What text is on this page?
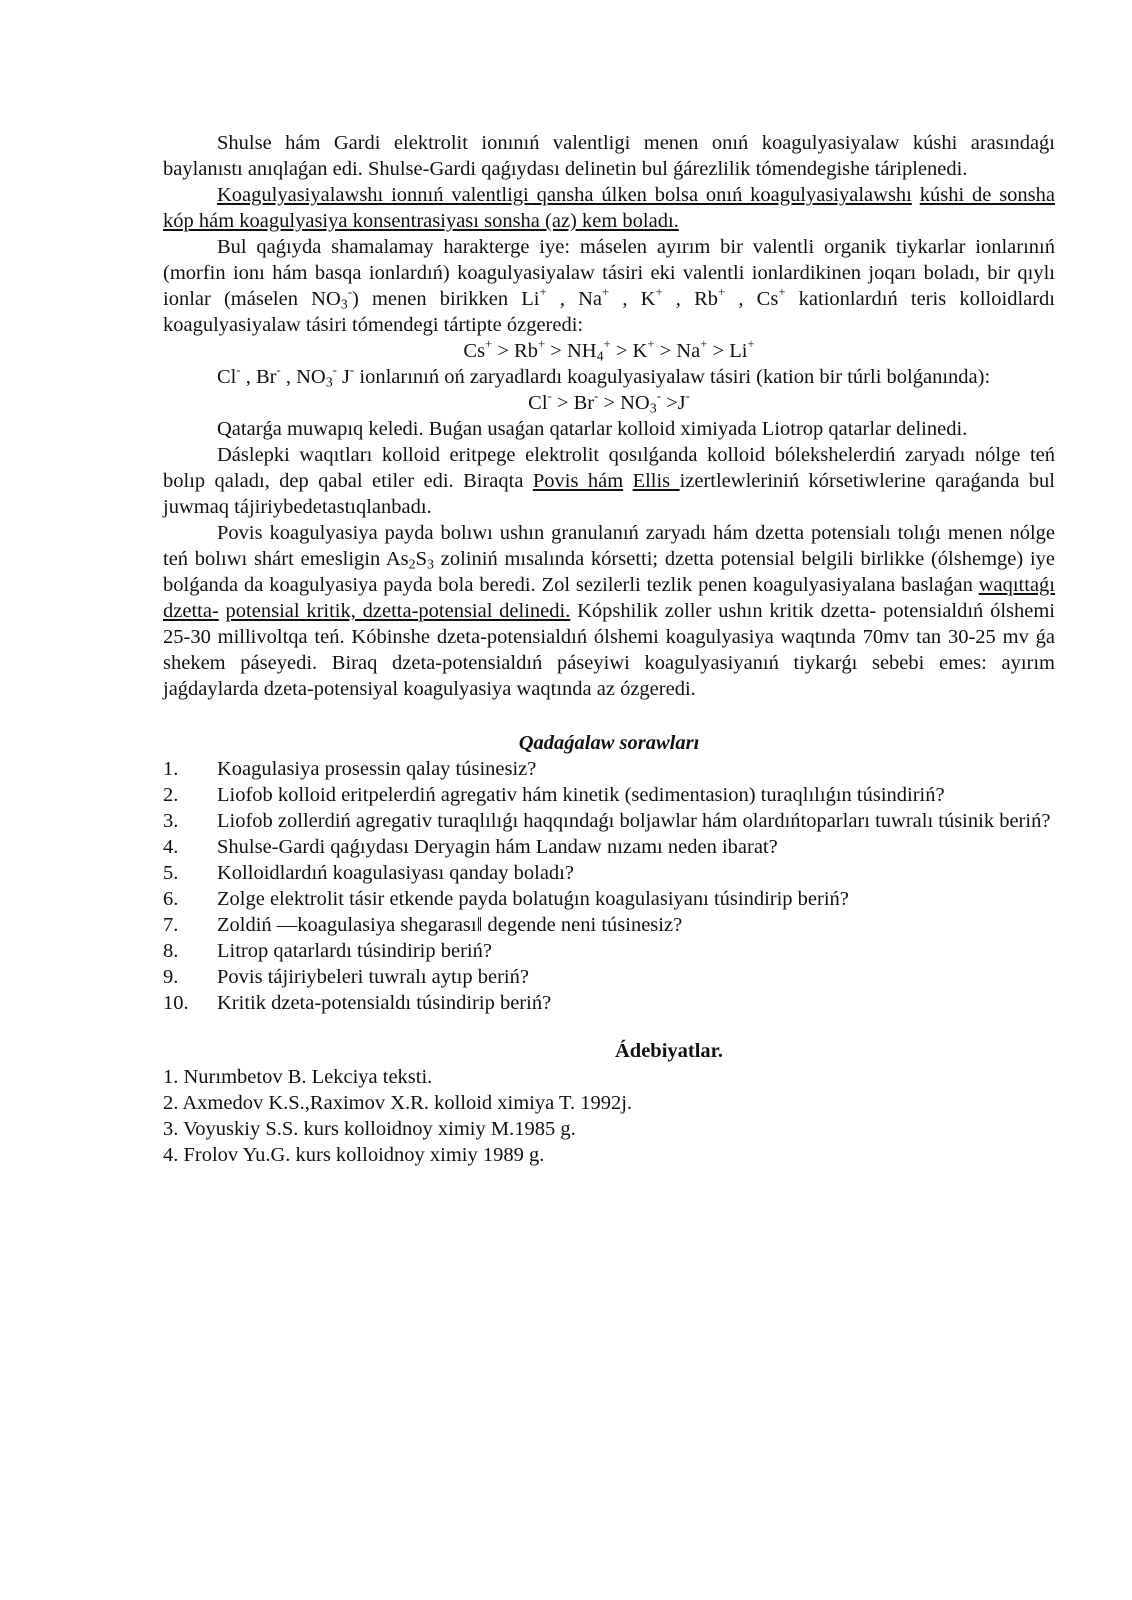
Shulse hám Gardi elektrolit ionınıń valentligi menen onıń koagulyasiyalaw kúshi arasındaǵı baylanıstı anıqlaǵan edi. Shulse-Gardi qaǵıydası delinetin bul ǵárezlilik tómendegishe táriplenedi.

Koagulyasiyalawshı ionnıń valentligi qansha úlken bolsa onıń koagulyasiyalawshı kúshi de sonsha kóp hám koagulyasiya konsentrasiyası sonsha (az) kem boladı.

Bul qaǵıyda shamalamay harakterge iye: máselen ayırım bir valentli organik tiykarlar ionlarınıń (morfin ionı hám basqa ionlardıń) koagulyasiyalaw tásiri eki valentli ionlardikinen joqarı boladı, bir qıylı ionlar (máselen $NO_3^-$) menen birikken Li+ , Na+ , K+ , Rb+ , Cs+ kationlardıń teris kolloidlardı koagulyasiyalaw tásiri tómendegi tártipte ózgeredi:

$Cs^+ > Rb^+ > NH_4^+ > K^+ > Na^+ > Li^+$

Cl- , Br- , $NO_3^-$ J- ionlarınıń oń zaryadlardı koagulyasiyalaw tásiri (kation bir túrli bolǵanında):

$Cl^- > Br^- > NO_3^- >J^-$

Qatarǵa muwapıq keledi. Buǵan usaǵan qatarlar kolloid ximiyada Liotrop qatarlar delinedi.

Dáslepki waqıtları kolloid eritpege elektrolit qosılǵanda kolloid bólekshelerdiń zaryadı nólge teń bolıp qaladı, dep qabal etiler edi. Biraqta Povis hám Ellis izertlewleriniń kórsetiwlerine qaraǵanda bul juwmaq tájiriybedetastıqlanbadı.

Povis koagulyasiya payda bolıwı ushın granulanıń zaryadı hám dzetta potensialı tolıǵı menen nólge teń bolıwı shárt emesligin $As_2S_3$ zoliniń mısalında kórsetti; dzetta potensial belgili birlikke (ólshemge) iye bolǵanda da koagulyasiya payda bola beredi. Zol sezilerli tezlik penen koagulyasiyalana baslaǵan waqıttaǵı dzetta- potensial kritik, dzetta-potensial delinedi. Kópshilik zoller ushın kritik dzetta- potensialdıń ólshemi 25-30 millivoltqa teń. Kóbinshe dzeta-potensialdıń ólshemi koagulyasiya waqtında 70mv tan 30-25 mv ǵa shekem páseyedi. Biraq dzeta-potensialdıń páseyiwi koagulyasiyanıń tiykarǵı sebebi emes: ayırım jaǵdaylarda dzeta-potensiyal koagulyasiya waqtında az ózgeredi.

Qadaǵalaw sorawları

1. Koagulasiya prosessin qalay túsinesiz?
2. Liofob kolloid eritpelerdiń agregativ hám kinetik (sedimentasion) turaqlılıǵın túsindiriń?
3. Liofob zollerdiń agregativ turaqlılıǵı haqqındaǵı boljawlar hám olardıńtoparları tuwralı túsinik beriń?
4. Shulse-Gardi qaǵıydası Deryagin hám Landaw nızamı neden ibarat?
5. Kolloidlardıń koagulasiyası qanday boladı?
6. Zolge elektrolit tásir etkende payda bolatuǵın koagulasiyanı túsindirip beriń?
7. Zoldiń ―koagulasiya shegarası‖ degende neni túsinesiz?
8. Litrop qatarlardı túsindirip beriń?
9. Povis tájiriybeleri tuwralı aytıp beriń?
10. Kritik dzeta-potensialdı túsindirip beriń?

Ádebiyatlar.

1. Nurımbetov B. Lekciya teksti.
2. Axmedov K.S.,Raximov X.R. kolloid ximiya T. 1992j.
3. Voyuskiy S.S. kurs kolloidnoy ximiy M.1985 g.
4. Frolov Yu.G. kurs kolloidnoy ximiy 1989 g.
